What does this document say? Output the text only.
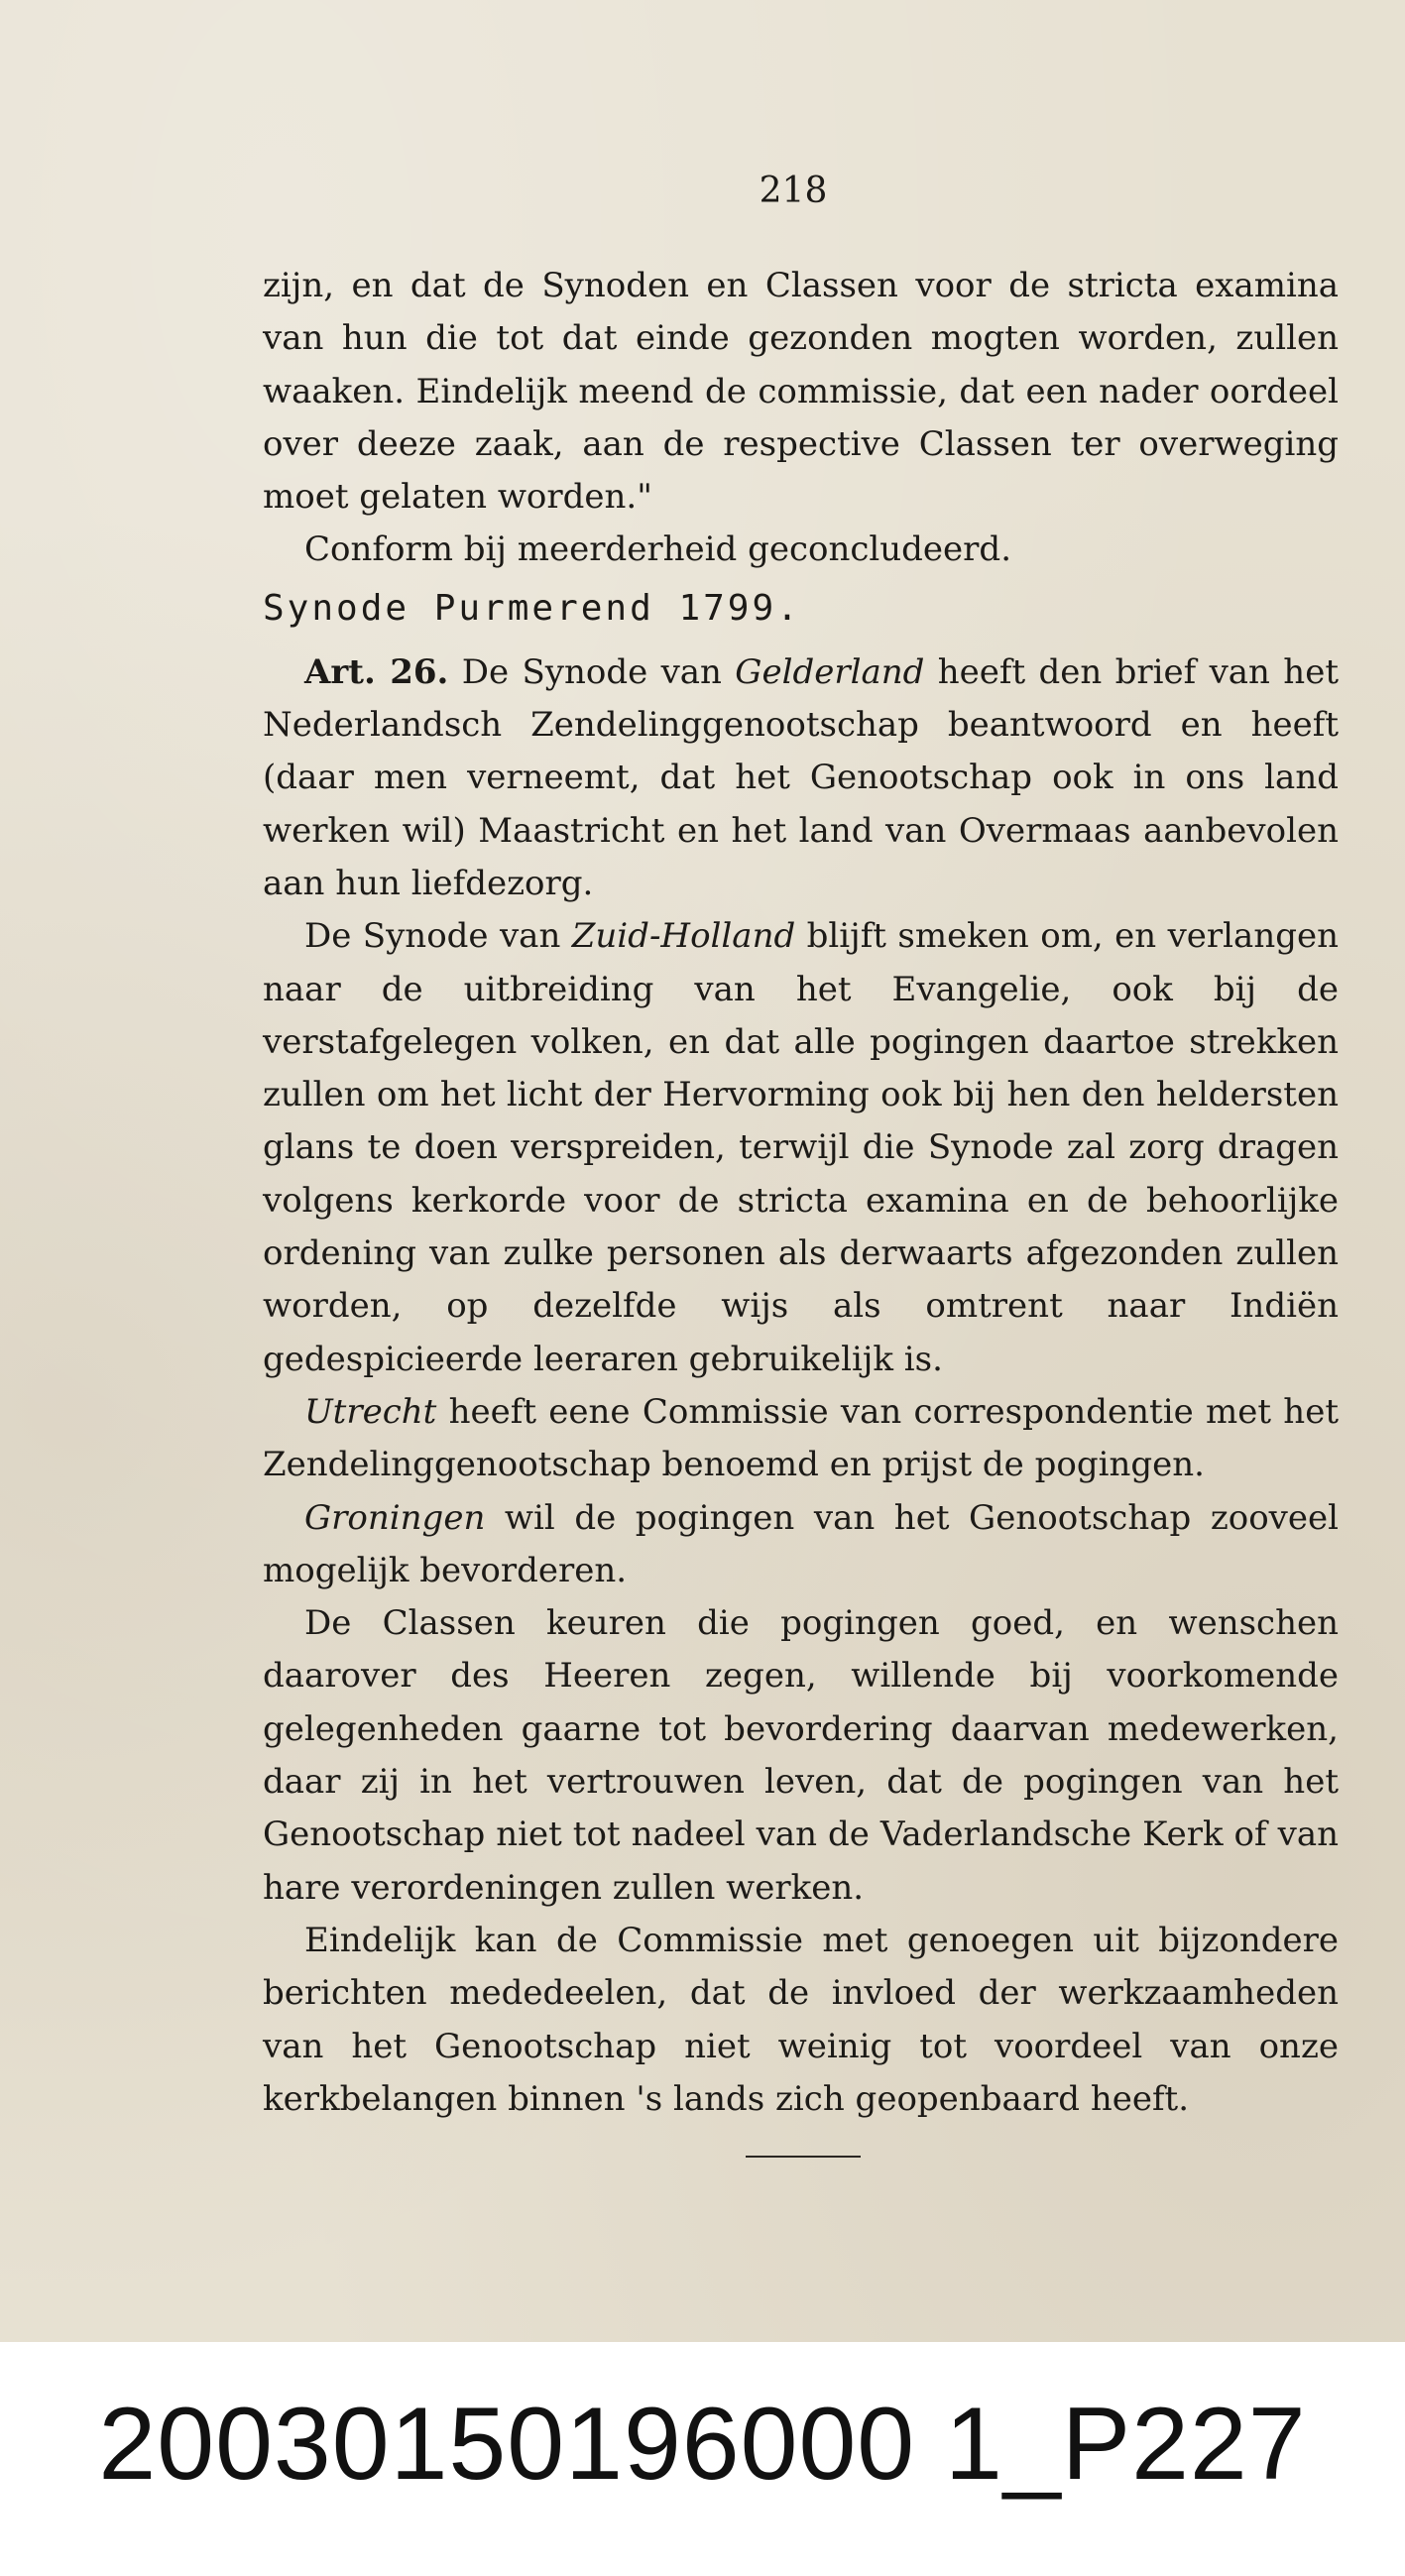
218

zijn, en dat de Synoden en Classen voor de stricta examina van hun die tot dat einde gezonden mogten worden, zullen waaken. Eindelijk meend de commissie, dat een nader oordeel over deeze zaak, aan de respective Classen ter overweging moet gelaten worden."

Conform bij meerderheid geconcludeerd.

Synode Purmerend 1799.

Art. 26. De Synode van Gelderland heeft den brief van het Nederlandsch Zendelinggenootschap beantwoord en heeft (daar men verneemt, dat het Genootschap ook in ons land werken wil) Maastricht en het land van Overmaas aanbevolen aan hun liefdezorg.

De Synode van Zuid-Holland blijft smeken om, en verlangen naar de uitbreiding van het Evangelie, ook bij de verstafgelegen volken, en dat alle pogingen daartoe strekken zullen om het licht der Hervorming ook bij hen den heldersten glans te doen verspreiden, terwijl die Synode zal zorg dragen volgens kerkorde voor de stricta examina en de behoorlijke ordening van zulke personen als derwaarts afgezonden zullen worden, op dezelfde wijs als omtrent naar Indiën gedespicieerde leeraren gebruikelijk is.

Utrecht heeft eene Commissie van correspondentie met het Zendelinggenootschap benoemd en prijst de pogingen.

Groningen wil de pogingen van het Genootschap zooveel mogelijk bevorderen.

De Classen keuren die pogingen goed, en wenschen daarover des Heeren zegen, willende bij voorkomende gelegenheden gaarne tot bevordering daarvan medewerken, daar zij in het vertrouwen leven, dat de pogingen van het Genootschap niet tot nadeel van de Vaderlandsche Kerk of van hare verordeningen zullen werken.

Eindelijk kan de Commissie met genoegen uit bijzondere berichten mededeelen, dat de invloed der werkzaamheden van het Genootschap niet weinig tot voordeel van onze kerkbelangen binnen 's lands zich geopenbaard heeft.

20030150196000 1_P227
